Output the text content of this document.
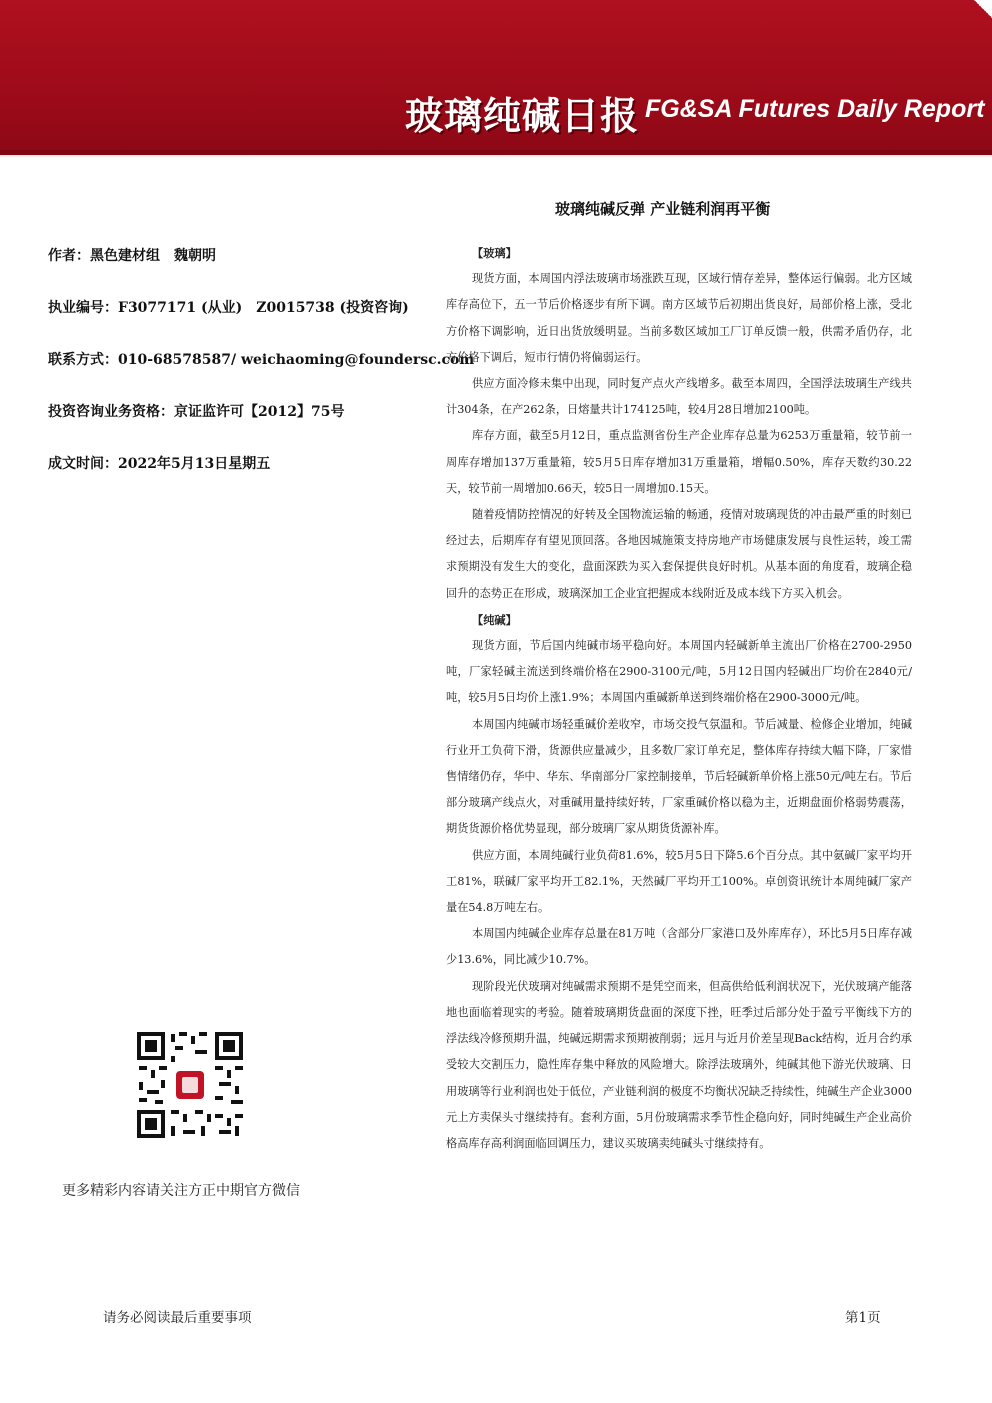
玻璃纯碱日报 FG&SA Futures Daily Report
玻璃纯碱反弹 产业链利润再平衡
作者：黑色建材组　魏朝明
执业编号：F3077171 (从业)　Z0015738 (投资咨询)
联系方式：010-68578587/ weichaoming@foundersc.com
投资咨询业务资格：京证监许可【2012】75号
成文时间：2022年5月13日星期五
更多精彩内容请关注方正中期官方微信
【玻璃】

现货方面，本周国内浮法玻璃市场涨跌互现，区域行情存差异，整体运行偏弱。北方区域库存高位下，五一节后价格逐步有所下调。南方区域节后初期出货良好，局部价格上涨，受北方价格下调影响，近日出货放缓明显。当前多数区域加工厂订单反馈一般，供需矛盾仍存，北方价格下调后，短市行情仍将偏弱运行。

供应方面冷修未集中出现，同时复产点火产线增多。截至本周四，全国浮法玻璃生产线共计304条，在产262条，日熔量共计174125吨，较4月28日增加2100吨。

库存方面，截至5月12日，重点监测省份生产企业库存总量为6253万重量箱，较节前一周库存增加137万重量箱，较5月5日库存增加31万重量箱，增幅0.50%，库存天数约30.22天，较节前一周增加0.66天，较5日一周增加0.15天。

随着疫情防控情况的好转及全国物流运输的畅通，疫情对玻璃现货的冲击最严重的时刻已经过去，后期库存有望见顶回落。各地因城施策支持房地产市场健康发展与良性运转，竣工需求预期没有发生大的变化，盘面深跌为买入套保提供良好时机。从基本面的角度看，玻璃企稳回升的态势正在形成，玻璃深加工企业宜把握成本线附近及成本线下方买入机会。

【纯碱】

现货方面，节后国内纯碱市场平稳向好。本周国内轻碱新单主流出厂价格在2700-2950吨，厂家轻碱主流送到终端价格在2900-3100元/吨，5月12日国内轻碱出厂均价在2840元/吨，较5月5日均价上涨1.9%；本周国内重碱新单送到终端价格在2900-3000元/吨。

本周国内纯碱市场轻重碱价差收窄，市场交投气氛温和。节后减量、检修企业增加，纯碱行业开工负荷下滑，货源供应量减少，且多数厂家订单充足，整体库存持续大幅下降，厂家惜售情绪仍存，华中、华东、华南部分厂家控制接单，节后轻碱新单价格上涨50元/吨左右。节后部分玻璃产线点火，对重碱用量持续好转，厂家重碱价格以稳为主，近期盘面价格弱势震荡，期货货源价格优势显现，部分玻璃厂家从期货货源补库。

供应方面，本周纯碱行业负荷81.6%，较5月5日下降5.6个百分点。其中氨碱厂家平均开工81%，联碱厂家平均开工82.1%，天然碱厂平均开工100%。卓创资讯统计本周纯碱厂家产量在54.8万吨左右。

本周国内纯碱企业库存总量在81万吨（含部分厂家港口及外库库存），环比5月5日库存减少13.6%，同比减少10.7%。

现阶段光伏玻璃对纯碱需求预期不是凭空而来，但高供给低利润状况下，光伏玻璃产能落地也面临着现实的考验。随着玻璃期货盘面的深度下挫，旺季过后部分处于盈亏平衡线下方的浮法线冷修预期升温，纯碱远期需求预期被削弱；远月与近月价差呈现Back结构，近月合约承受较大交割压力，隐性库存集中释放的风险增大。除浮法玻璃外，纯碱其他下游光伏玻璃、日用玻璃等行业利润也处于低位，产业链利润的极度不均衡状况缺乏持续性，纯碱生产企业3000元上方卖保头寸继续持有。套利方面，5月份玻璃需求季节性企稳向好，同时纯碱生产企业高价格高库存高利润面临回调压力，建议买玻璃卖纯碱头寸继续持有。

请务必阅读最后重要事项	第1页
